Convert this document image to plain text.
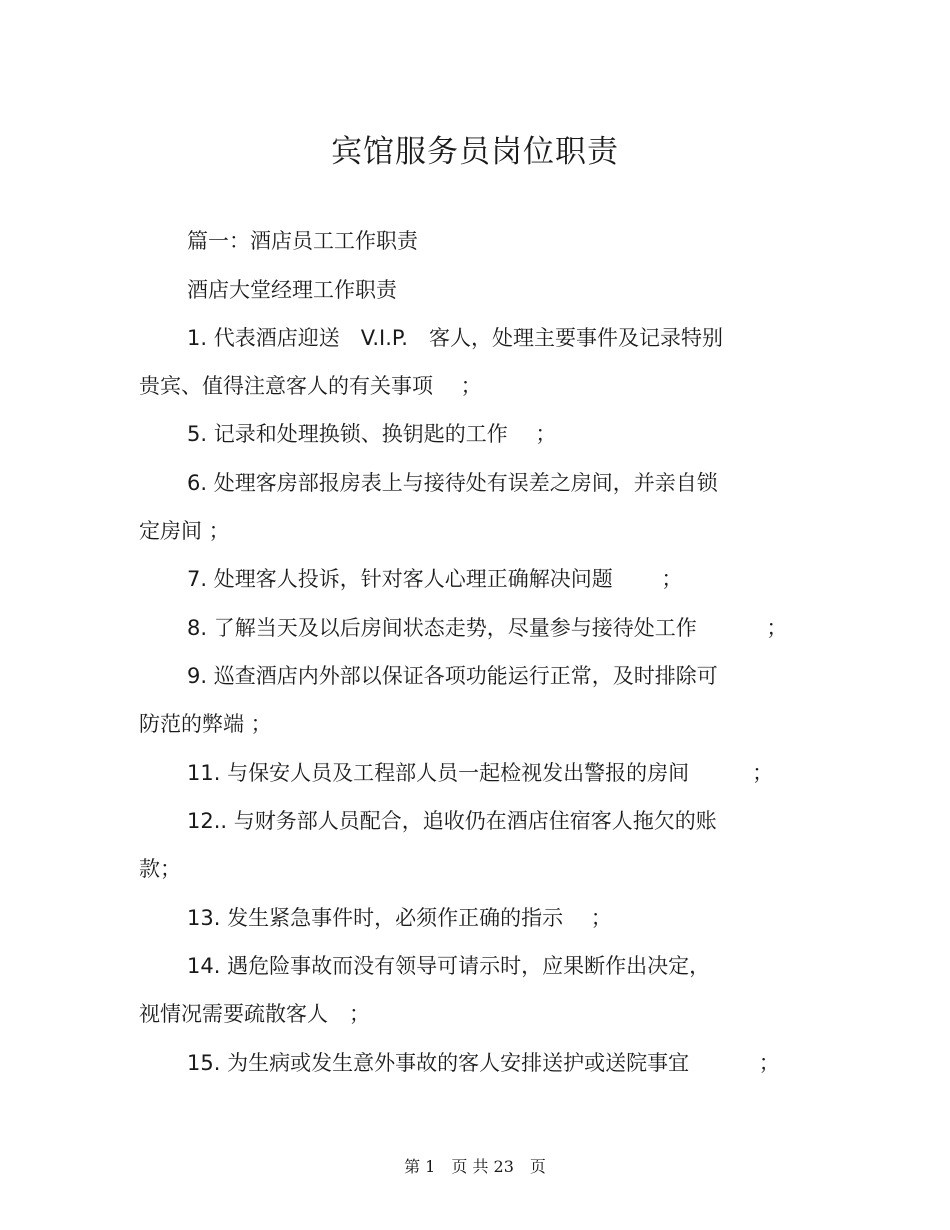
宾馆服务员岗位职责
篇一：酒店员工工作职责
酒店大堂经理工作职责
1. 代表酒店迎送　V.I.P.　客人，处理主要事件及记录特别
贵宾、值得注意客人的有关事项　 ；
5. 记录和处理换锁、换钥匙的工作　 ；
6. 处理客房部报房表上与接待处有误差之房间，并亲自锁
定房间 ；
7. 处理客人投诉，针对客人心理正确解决问题　　 ；
8. 了解当天及以后房间状态走势，尽量参与接待处工作　　　 ；
9. 巡查酒店内外部以保证各项功能运行正常，及时排除可
防范的弊端 ；
11. 与保安人员及工程部人员一起检视发出警报的房间　　　；
12.. 与财务部人员配合，追收仍在酒店住宿客人拖欠的账
款；
13. 发生紧急事件时，必须作正确的指示　 ；
14. 遇危险事故而没有领导可请示时，应果断作出决定，
视情况需要疏散客人　；
15. 为生病或发生意外事故的客人安排送护或送院事宜　　　 ；
第 1　页 共 23　页
